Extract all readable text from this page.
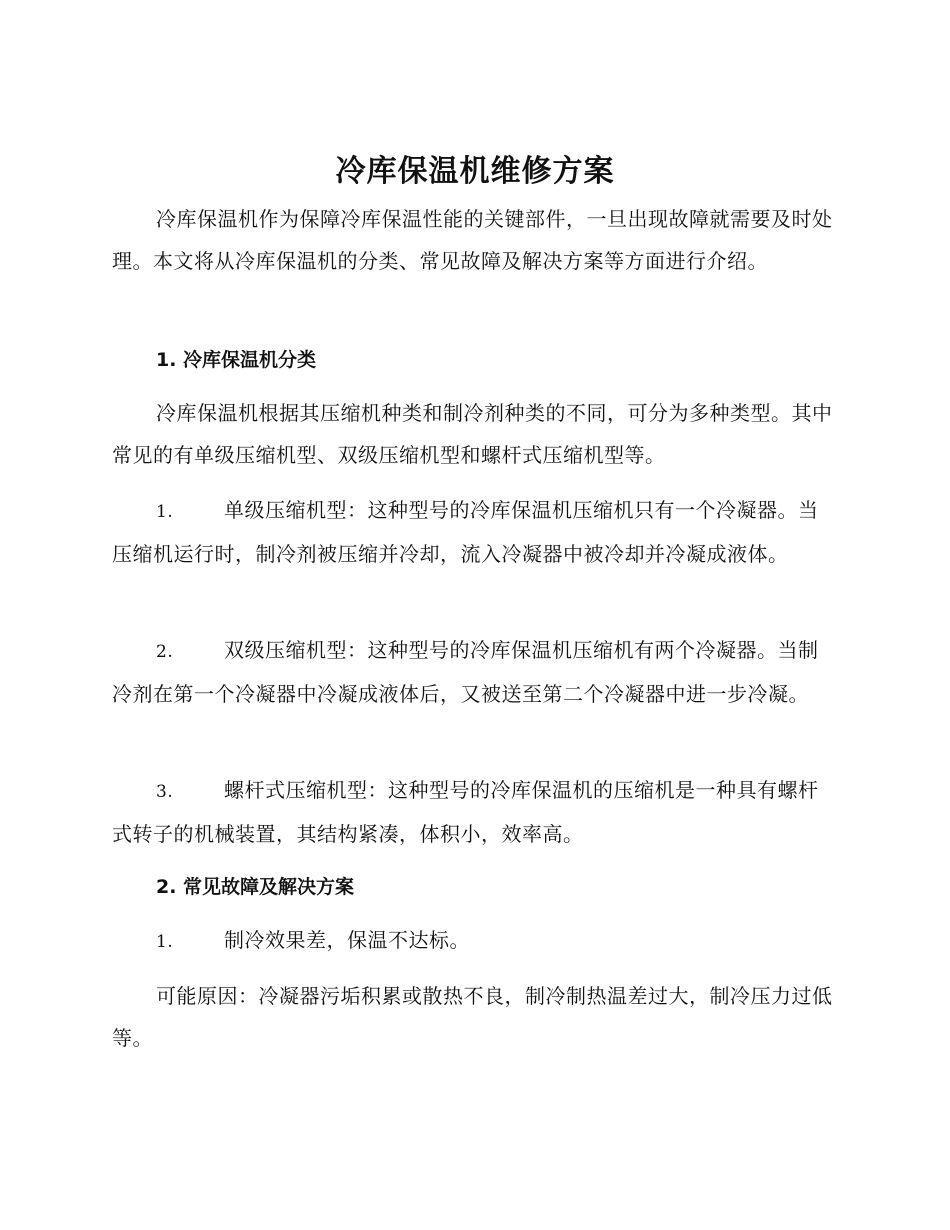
冷库保温机维修方案

冷库保温机作为保障冷库保温性能的关键部件，一旦出现故障就需要及时处理。本文将从冷库保温机的分类、常见故障及解决方案等方面进行介绍。

1. 冷库保温机分类

冷库保温机根据其压缩机种类和制冷剂种类的不同，可分为多种类型。其中常见的有单级压缩机型、双级压缩机型和螺杆式压缩机型等。

1.	单级压缩机型：这种型号的冷库保温机压缩机只有一个冷凝器。当压缩机运行时，制冷剂被压缩并冷却，流入冷凝器中被冷却并冷凝成液体。

2.	双级压缩机型：这种型号的冷库保温机压缩机有两个冷凝器。当制冷剂在第一个冷凝器中冷凝成液体后，又被送至第二个冷凝器中进一步冷凝。

3.	螺杆式压缩机型：这种型号的冷库保温机的压缩机是一种具有螺杆式转子的机械装置，其结构紧凑，体积小，效率高。

2. 常见故障及解决方案

1.	制冷效果差，保温不达标。

可能原因：冷凝器污垢积累或散热不良，制冷制热温差过大，制冷压力过低等。
